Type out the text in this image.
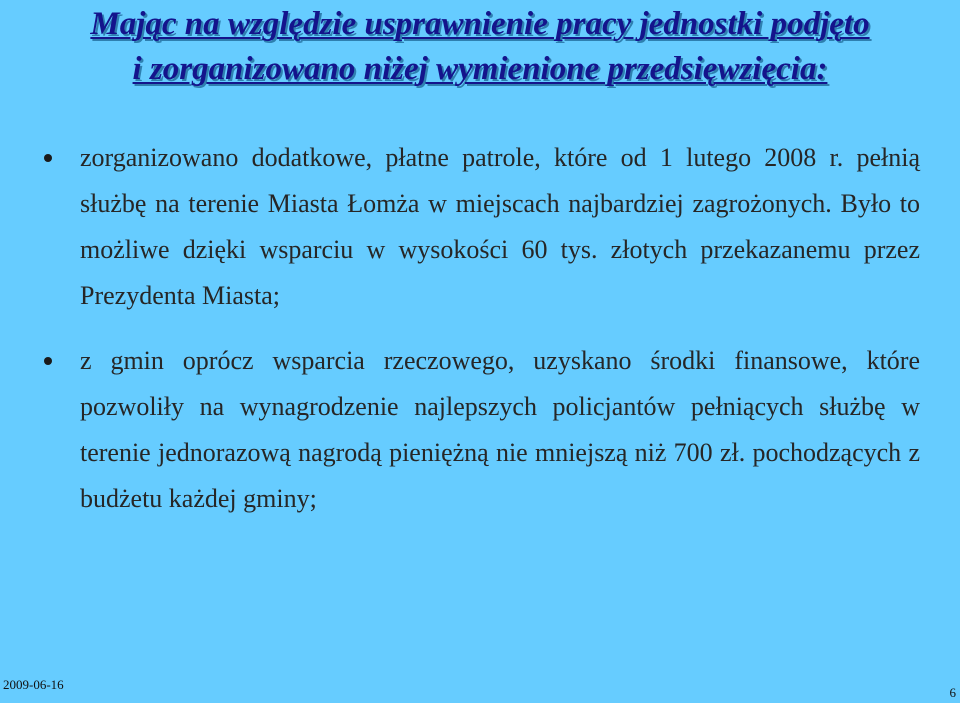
Mając na względzie usprawnienie pracy jednostki podjęto
i zorganizowano niżej wymienione przedsięwzięcia:
zorganizowano dodatkowe, płatne patrole, które od 1 lutego 2008 r. pełnią służbę na terenie Miasta Łomża w miejscach najbardziej zagrożonych. Było to możliwe dzięki wsparciu w wysokości 60 tys. złotych przekazanemu przez Prezydenta Miasta;
z gmin oprócz wsparcia rzeczowego, uzyskano środki finansowe, które pozwoliły na wynagrodzenie najlepszych policjantów pełniących służbę w terenie jednorazową nagrodą pieniężną nie mniejszą niż 700 zł. pochodzących z budżetu każdej gminy;
2009-06-16
6
